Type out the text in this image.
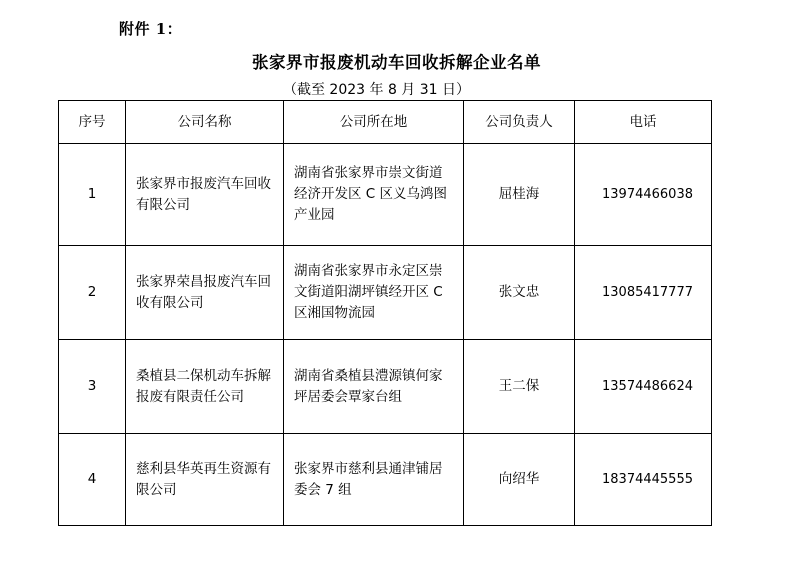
附件 1：
张家界市报废机动车回收拆解企业名单
（截至 2023 年 8 月 31 日）
序号	公司名称	公司所在地	公司负责人	电话
1	张家界市报废汽车回收有限公司	湖南省张家界市崇文街道经济开发区 C 区义乌鸿图产业园	屈桂海	13974466038
2	张家界荣昌报废汽车回收有限公司	湖南省张家界市永定区崇文街道阳湖坪镇经开区 C 区湘国物流园	张文忠	13085417777
3	桑植县二保机动车拆解报废有限责任公司	湖南省桑植县澧源镇何家坪居委会覃家台组	王二保	13574486624
4	慈利县华英再生资源有限公司	张家界市慈利县通津铺居委会 7 组	向绍华	18374445555
